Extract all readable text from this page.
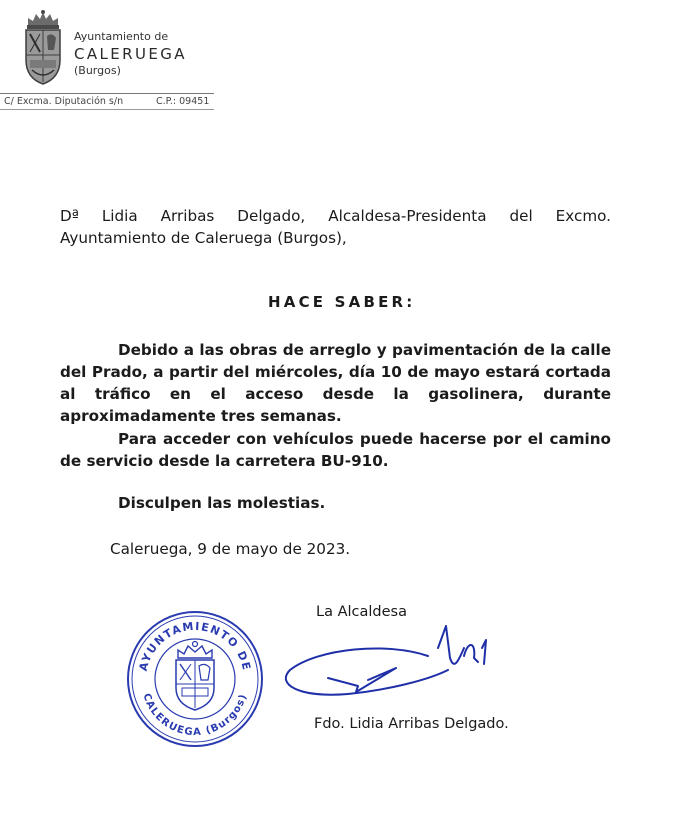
Ayuntamiento de
CALERUEGA
(Burgos)
C/ Excma. Diputación s/n	C.P.: 09451
Dª Lidia Arribas Delgado, Alcaldesa-Presidenta del Excmo. Ayuntamiento de Caleruega (Burgos),
HACE SABER:
Debido a las obras de arreglo y pavimentación de la calle del Prado, a partir del miércoles, día 10 de mayo estará cortada al tráfico en el acceso desde la gasolinera, durante aproximadamente tres semanas.
Para acceder con vehículos puede hacerse por el camino de servicio desde la carretera BU-910.
Disculpen las molestias.
Caleruega, 9 de mayo de 2023.
La Alcaldesa
AYUNTAMIENTO DE
CALERUEGA (Burgos)
Fdo. Lidia Arribas Delgado.
